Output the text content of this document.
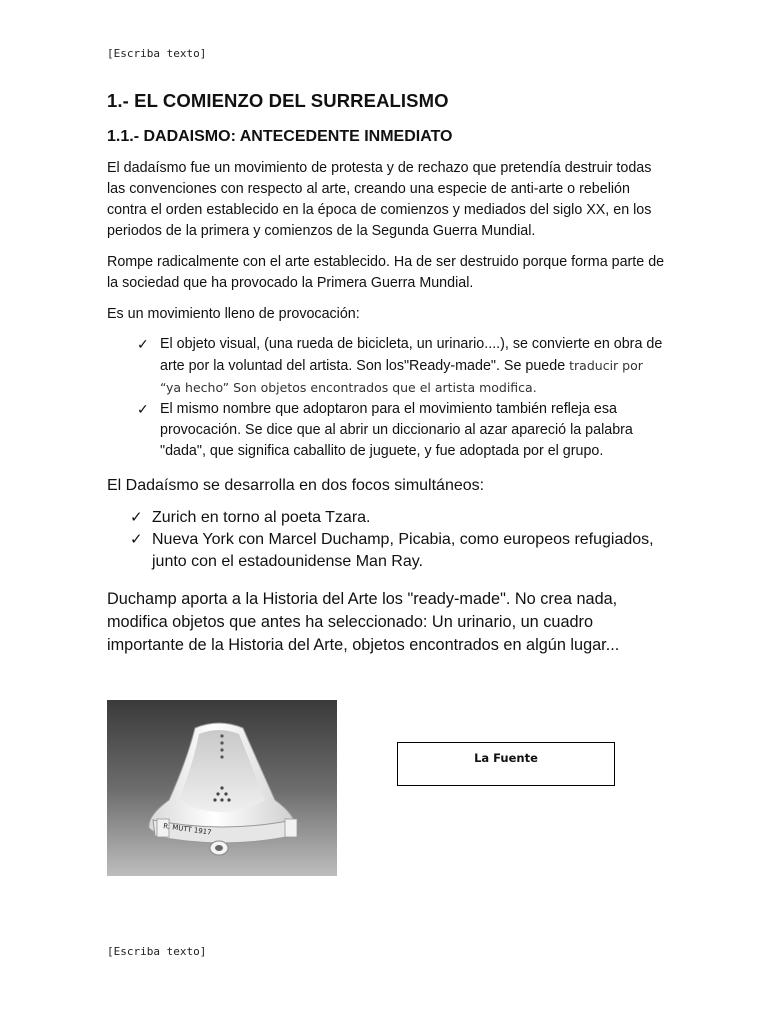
[Escriba texto]
1.- EL COMIENZO DEL SURREALISMO
1.1.- DADAISMO: ANTECEDENTE INMEDIATO

El dadaísmo fue un movimiento de protesta y de rechazo que pretendía destruir todas las convenciones con respecto al arte, creando una especie de anti-arte o rebelión contra el orden establecido en la época de comienzos y mediados del siglo XX, en los periodos de la primera y comienzos de la Segunda Guerra Mundial.

Rompe radicalmente con el arte establecido. Ha de ser destruido porque forma parte de la sociedad que ha provocado la Primera Guerra Mundial.

Es un movimiento lleno de provocación:

✓ El objeto visual, (una rueda de bicicleta, un urinario....), se convierte en obra de arte por la voluntad del artista. Son los"Ready-made". Se puede traducir por “ya hecho” Son objetos encontrados que el artista modifica.
✓ El mismo nombre que adoptaron para el movimiento también refleja esa provocación. Se dice que al abrir un diccionario al azar apareció la palabra "dada", que significa caballito de juguete, y fue adoptada por el grupo.

El Dadaísmo se desarrolla en dos focos simultáneos:

✓ Zurich en torno al poeta Tzara.
✓ Nueva York con Marcel Duchamp, Picabia, como europeos refugiados, junto con el estadounidense Man Ray.

Duchamp aporta a la Historia del Arte los "ready-made". No crea nada, modifica objetos que antes ha seleccionado: Un urinario, un cuadro importante de la Historia del Arte, objetos encontrados en algún lugar...

R. MUTT 1917
La Fuente
[Escriba texto]
